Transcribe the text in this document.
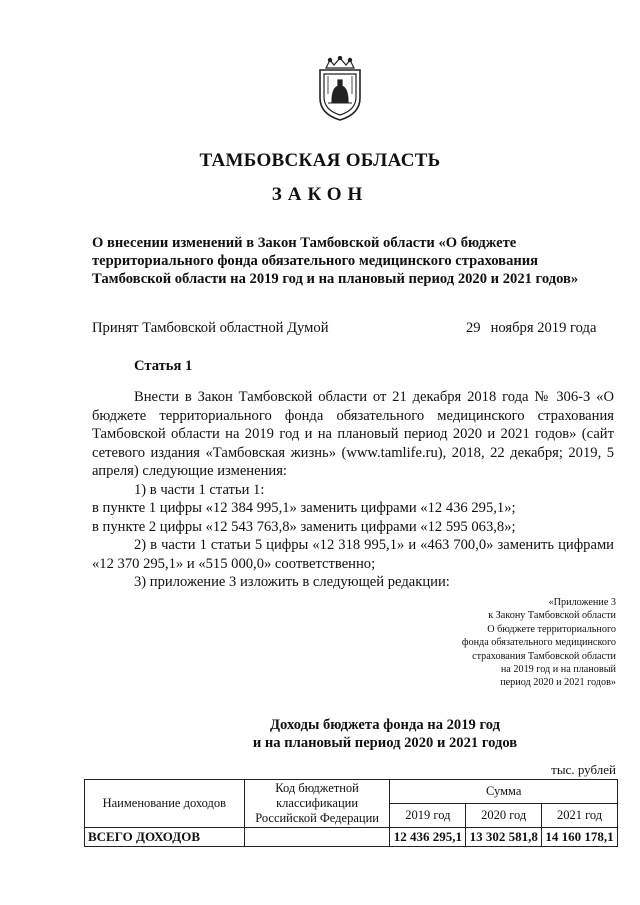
ТАМБОВСКАЯ ОБЛАСТЬ
ЗАКОН
О внесении изменений в Закон Тамбовской области «О бюджете
территориального фонда обязательного медицинского страхования
Тамбовской области на 2019 год и на плановый период 2020 и 2021 годов»
Принят Тамбовской областной Думой	29 ноября 2019 года
Статья 1

Внести в Закон Тамбовской области от 21 декабря 2018 года № 306-З «О бюджете территориального фонда обязательного медицинского страхования Тамбовской области на 2019 год и на плановый период 2020 и 2021 годов» (сайт сетевого издания «Тамбовская жизнь» (www.tamlife.ru), 2018, 22 декабря; 2019, 5 апреля) следующие изменения:

1) в части 1 статьи 1:

в пункте 1 цифры «12 384 995,1» заменить цифрами «12 436 295,1»;

в пункте 2 цифры «12 543 763,8» заменить цифрами «12 595 063,8»;

2) в части 1 статьи 5 цифры «12 318 995,1» и «463 700,0» заменить цифрами «12 370 295,1» и «515 000,0» соответственно;

3) приложение 3 изложить в следующей редакции:

«Приложение 3
к Закону Тамбовской области
О бюджете территориального
фонда обязательного медицинского
страхования Тамбовской области
на 2019 год и на плановый
период 2020 и 2021 годов»
Доходы бюджета фонда на 2019 год
и на плановый период 2020 и 2021 годов
тыс. рублей
Наименование доходов	Код бюджетной классификации Российской Федерации	Сумма		
		2019 год	2020 год	2021 год
ВСЕГО ДОХОДОВ		12 436 295,1	13 302 581,8	14 160 178,1
